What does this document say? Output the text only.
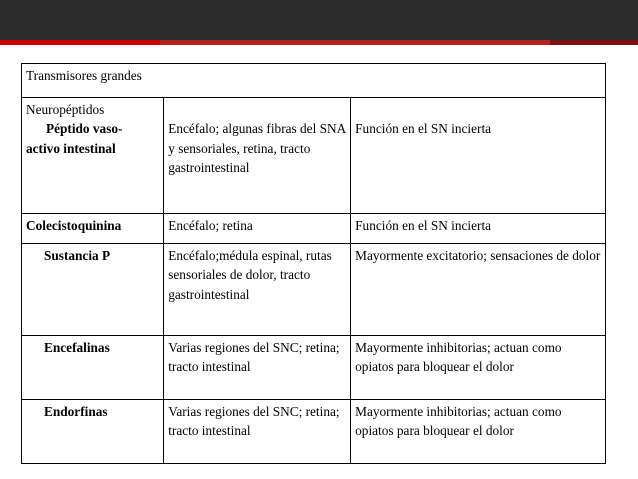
Transmisores grandes		
Neuropéptidos

Péptido vaso-
activo intestinal	Encéfalo; algunas fibras del SNA y sensoriales, retina, tracto gastrointestinal	Función en el SN incierta
Colecistoquinina	Encéfalo; retina	Función en el SN incierta
Sustancia P	Encéfalo;médula espinal, rutas sensoriales de dolor, tracto gastrointestinal	Mayormente excitatorio; sensaciones de dolor
Encefalinas	Varias regiones del SNC; retina; tracto intestinal	Mayormente inhibitorias; actuan como opiatos para bloquear el dolor
Endorfinas	Varias regiones del SNC; retina; tracto intestinal	Mayormente inhibitorias; actuan como opiatos para bloquear el dolor
